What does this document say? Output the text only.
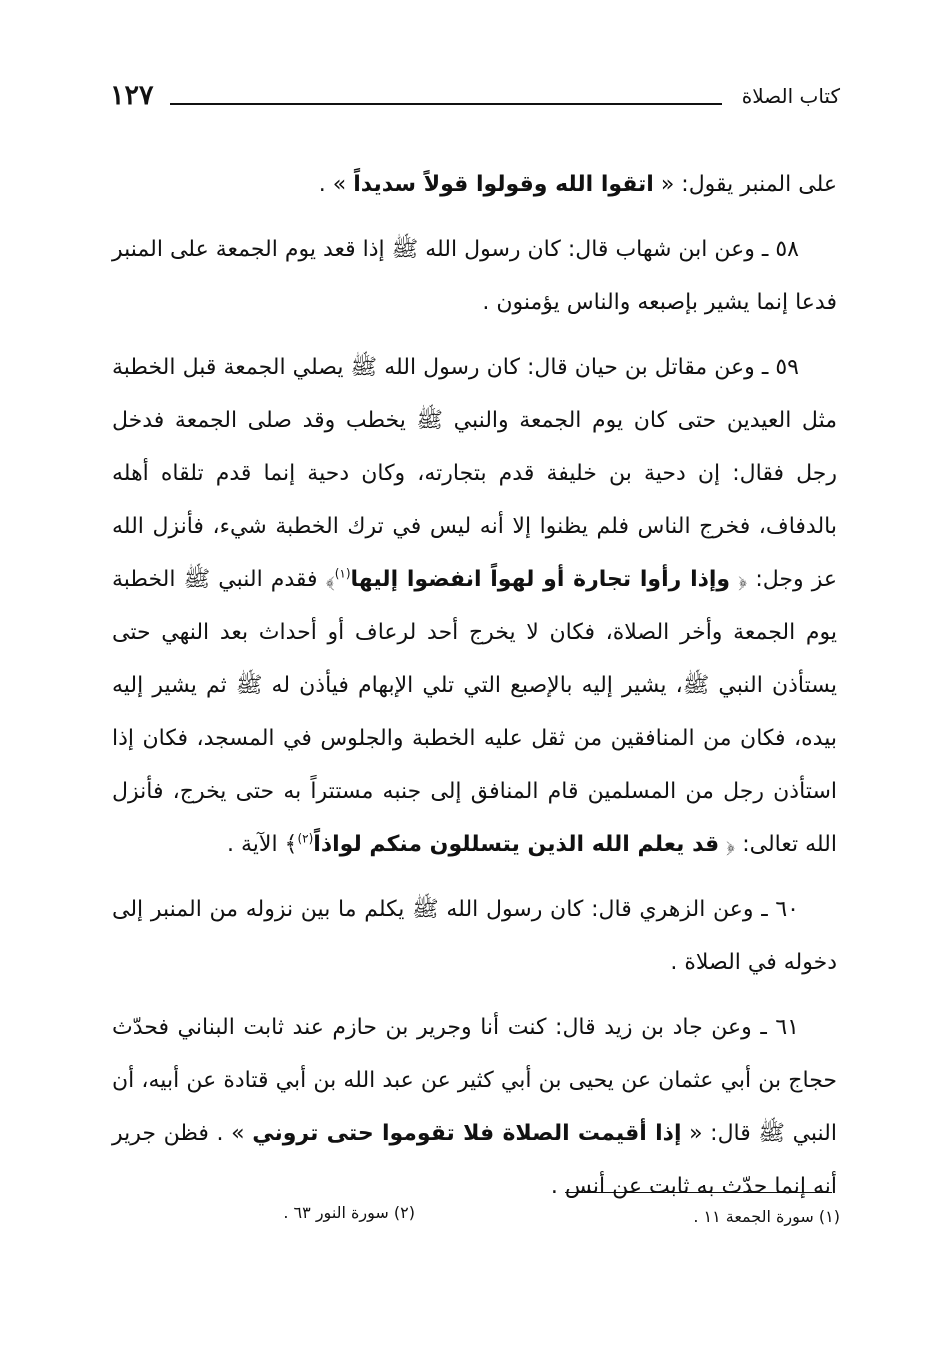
١٢٧	كتاب الصلاة

على المنبر يقول: « اتقوا الله وقولوا قولاً سديداً » .

٥٨ ـ وعن ابن شهاب قال: كان رسول الله ﷺ إذا قعد يوم الجمعة على المنبر فدعا إنما يشير بإصبعه والناس يؤمنون .

٥٩ ـ وعن مقاتل بن حيان قال: كان رسول الله ﷺ يصلي الجمعة قبل الخطبة مثل العيدين حتى كان يوم الجمعة والنبي ﷺ يخطب وقد صلى الجمعة فدخل رجل فقال: إن دحية بن خليفة قدم بتجارته، وكان دحية إنما قدم تلقاه أهله بالدفاف، فخرج الناس فلم يظنوا إلا أنه ليس في ترك الخطبة شيء، فأنزل الله عز وجل: ﴿ وإذا رأوا تجارة أو لهواً انفضوا إليها$^{(١)}$﴾ فقدم النبي ﷺ الخطبة يوم الجمعة وأخر الصلاة، فكان لا يخرج أحد لرعاف أو أحداث بعد النهي حتى يستأذن النبي ﷺ، يشير إليه بالإصبع التي تلي الإبهام فيأذن له ﷺ ثم يشير إليه بيده، فكان من المنافقين من ثقل عليه الخطبة والجلوس في المسجد، فكان إذا استأذن رجل من المسلمين قام المنافق إلى جنبه مستتراً به حتى يخرج، فأنزل الله تعالى: ﴿ قد يعلم الله الذين يتسللون منكم لواذاً$^{(٢)}$﴾ الآية .

٦٠ ـ وعن الزهري قال: كان رسول الله ﷺ يكلم ما بين نزوله من المنبر إلى دخوله في الصلاة .

٦١ ـ وعن جاد بن زيد قال: كنت أنا وجرير بن حازم عند ثابت البناني فحدّث حجاج بن أبي عثمان عن يحيى بن أبي كثير عن عبد الله بن أبي قتادة عن أبيه، أن النبي ﷺ قال: « إذا أقيمت الصلاة فلا تقوموا حتى تروني » . فظن جرير أنه إنما حدّث به ثابت عن أنس .

(١) سورة الجمعة ١١ .
(٢) سورة النور ٦٣ .
